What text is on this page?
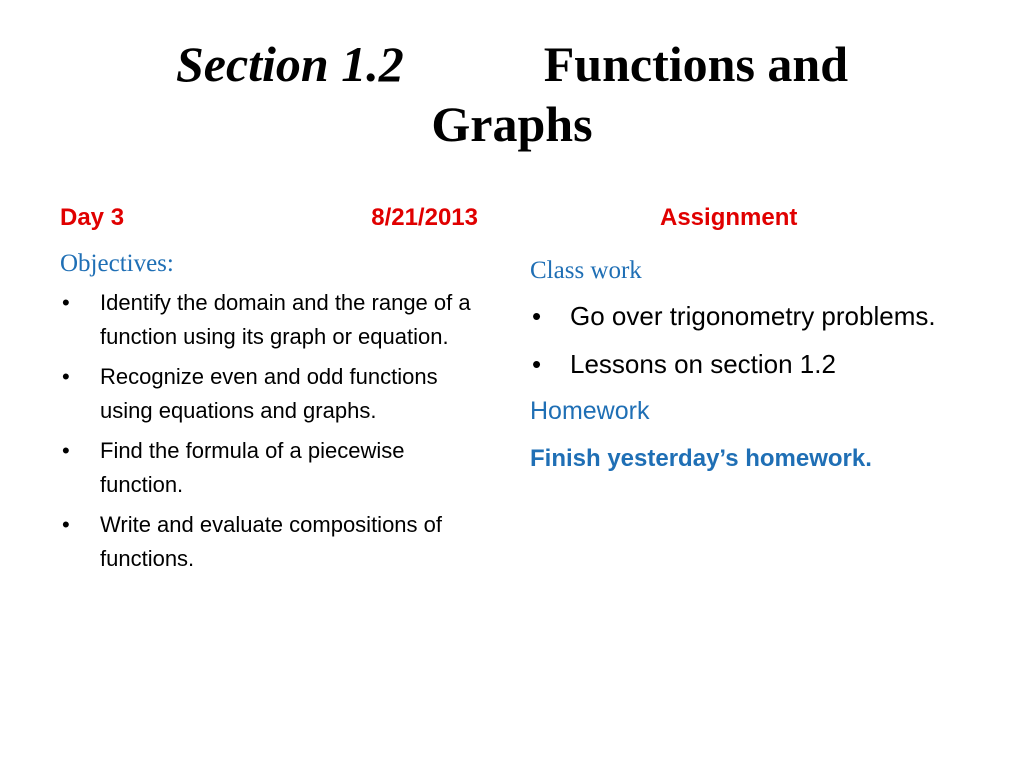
Section 1.2	Functions and
Graphs
Day 3	8/21/2013
Objectives:
• Identify the domain and the range of a function using its graph or equation.
• Recognize even and odd functions using equations and graphs.
• Find the formula of a piecewise function.
• Write and evaluate compositions of functions.
Assignment
Class work
• Go over trigonometry problems.
• Lessons on section 1.2
Homework
Finish yesterday’s homework.
